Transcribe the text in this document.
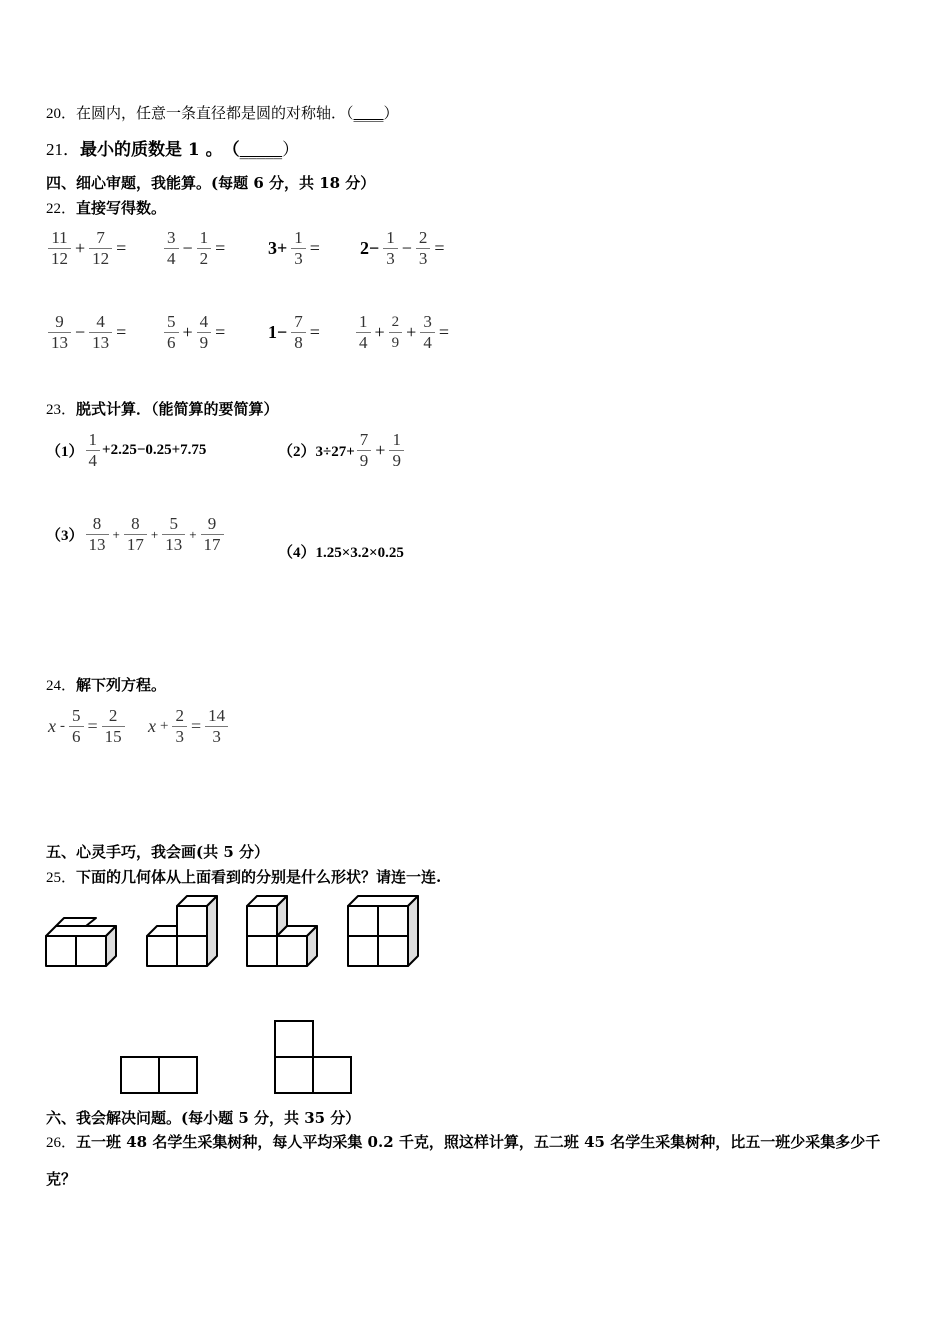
20．在圆内，任意一条直径都是圆的对称轴．（____）
21．最小的质数是 1 。　（_____）
四、细心审题，我能算。(每题 6 分，共 18 分）
22．直接写得数。
$\frac{11}{12} + \frac{7}{12} = \frac{3}{4} - \frac{1}{2} = 3+ \frac{1}{3} = 2- \frac{1}{3} - \frac{2}{3}$ =
$\frac{9}{13} - \frac{4}{13} = \frac{5}{6} + \frac{4}{9} = 1- \frac{7}{8} = \frac{1}{4} + \frac{2}{9} + \frac{3}{4}$ =
23．脱式计算．（能简算的要简算）
$(1) \frac{1}{4} +2.25-0.25+7.75$	$(2)3\div 27+ \frac{7}{9} + \frac{1}{9}$
$(3) \frac{8}{13} + \frac{8}{17} + \frac{5}{13} + \frac{9}{17}$	（4）1.25×3.2×0.25
24．解下列方程。
$x - \frac{5}{6} = \frac{2}{15}$ $x + \frac{2}{3} = \frac{14}{3}$
五、心灵手巧，我会画(共 5 分）
25．下面的几何体从上面看到的分别是什么形状？请连一连.
六、我会解决问题。(每小题 5 分，共 35 分）
26．五一班 48 名学生采集树种，每人平均采集 0.2 千克，照这样计算，五二班 45 名学生采集树种，比五一班少采集多少千克？
